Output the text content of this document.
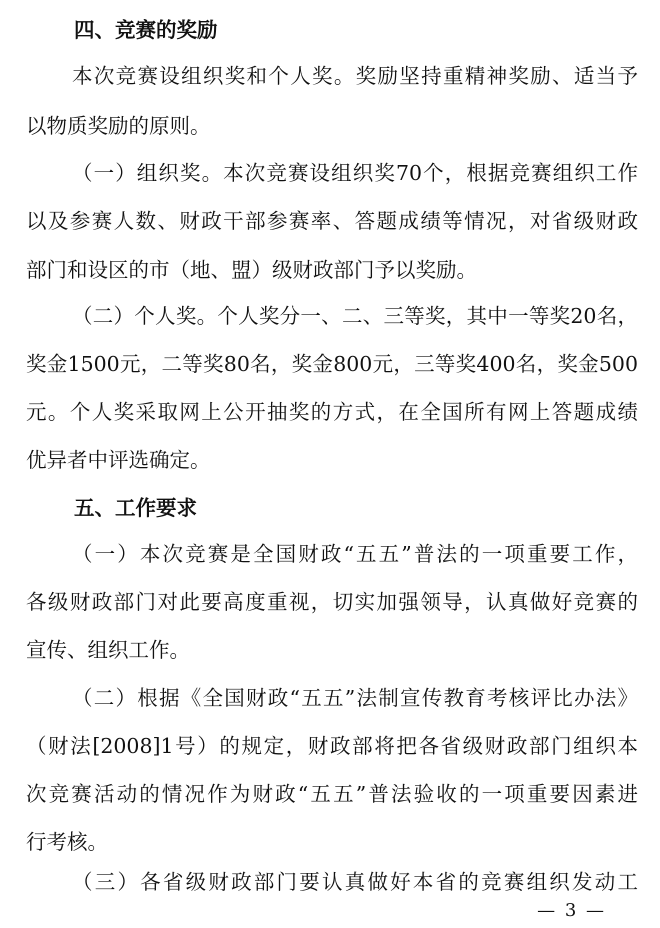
四、竞赛的奖励
本次竞赛设组织奖和个人奖。奖励坚持重精神奖励、适当予
以物质奖励的原则。
（一）组织奖。本次竞赛设组织奖70个，根据竞赛组织工作
以及参赛人数、财政干部参赛率、答题成绩等情况，对省级财政
部门和设区的市（地、盟）级财政部门予以奖励。
（二）个人奖。个人奖分一、二、三等奖，其中一等奖20名，
奖金1500元，二等奖80名，奖金800元，三等奖400名，奖金500
元。个人奖采取网上公开抽奖的方式，在全国所有网上答题成绩
优异者中评选确定。
五、工作要求
（一）本次竞赛是全国财政“五五”普法的一项重要工作，
各级财政部门对此要高度重视，切实加强领导，认真做好竞赛的
宣传、组织工作。
（二）根据《全国财政“五五”法制宣传教育考核评比办法》
（财法[2008]1号）的规定，财政部将把各省级财政部门组织本
次竞赛活动的情况作为财政“五五”普法验收的一项重要因素进
行考核。
（三）各省级财政部门要认真做好本省的竞赛组织发动工
— 3 —
